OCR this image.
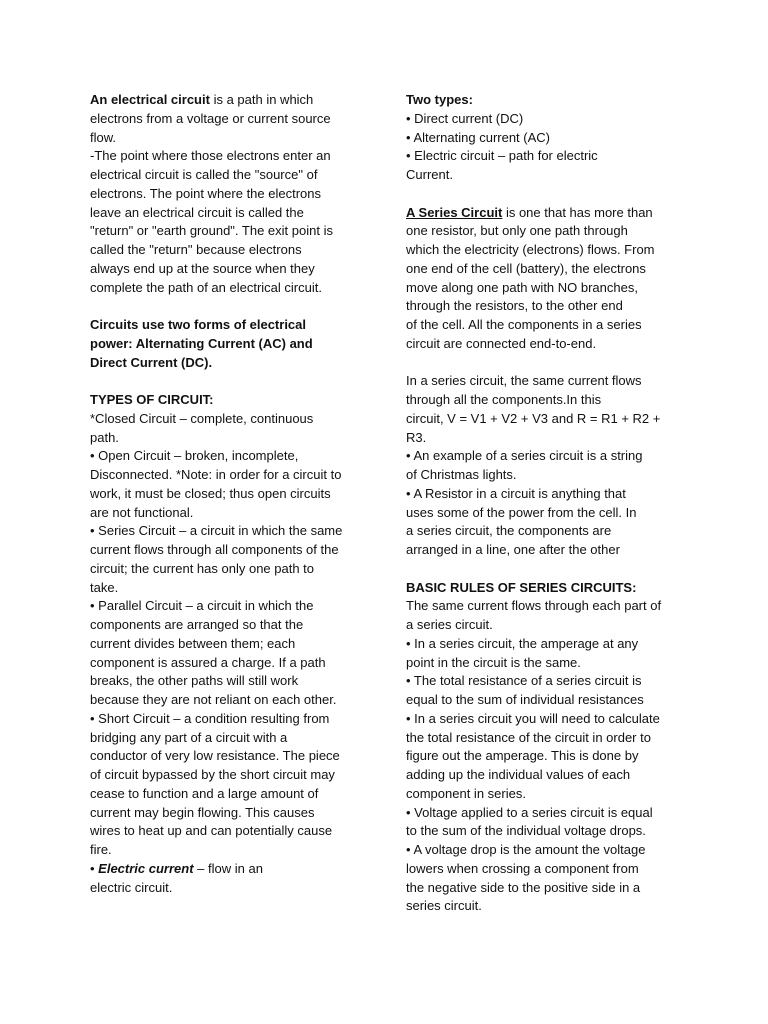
An electrical circuit is a path in which
electrons from a voltage or current source
flow.
-The point where those electrons enter an
electrical circuit is called the "source" of
electrons. The point where the electrons
leave an electrical circuit is called the
"return" or "earth ground". The exit point is
called the "return" because electrons
always end up at the source when they
complete the path of an electrical circuit.
Circuits use two forms of electrical
power: Alternating Current (AC) and
Direct Current (DC).
TYPES OF CIRCUIT:
*Closed Circuit – complete, continuous
path.
• Open Circuit – broken, incomplete,
Disconnected. *Note: in order for a circuit to
work, it must be closed; thus open circuits
are not functional.
• Series Circuit – a circuit in which the same
current flows through all components of the
circuit; the current has only one path to
take.
• Parallel Circuit – a circuit in which the
components are arranged so that the
current divides between them; each
component is assured a charge. If a path
breaks, the other paths will still work
because they are not reliant on each other.
• Short Circuit – a condition resulting from
bridging any part of a circuit with a
conductor of very low resistance. The piece
of circuit bypassed by the short circuit may
cease to function and a large amount of
current may begin flowing. This causes
wires to heat up and can potentially cause
fire.
• Electric current – flow in an
electric circuit.
Two types:
• Direct current (DC)
• Alternating current (AC)
• Electric circuit – path for electric
Current.
A Series Circuit is one that has more than
one resistor, but only one path through
which the electricity (electrons) flows. From
one end of the cell (battery), the electrons
move along one path with NO branches,
through the resistors, to the other end
of the cell. All the components in a series
circuit are connected end-to-end.
In a series circuit, the same current flows
through all the components.In this
circuit, V = V1 + V2 + V3 and R = R1 + R2 +
R3.
• An example of a series circuit is a string
of Christmas lights.
• A Resistor in a circuit is anything that
uses some of the power from the cell. In
a series circuit, the components are
arranged in a line, one after the other
BASIC RULES OF SERIES CIRCUITS:
The same current flows through each part of
a series circuit.
• In a series circuit, the amperage at any
point in the circuit is the same.
• The total resistance of a series circuit is
equal to the sum of individual resistances
• In a series circuit you will need to calculate
the total resistance of the circuit in order to
figure out the amperage. This is done by
adding up the individual values of each
component in series.
• Voltage applied to a series circuit is equal
to the sum of the individual voltage drops.
• A voltage drop is the amount the voltage
lowers when crossing a component from
the negative side to the positive side in a
series circuit.
